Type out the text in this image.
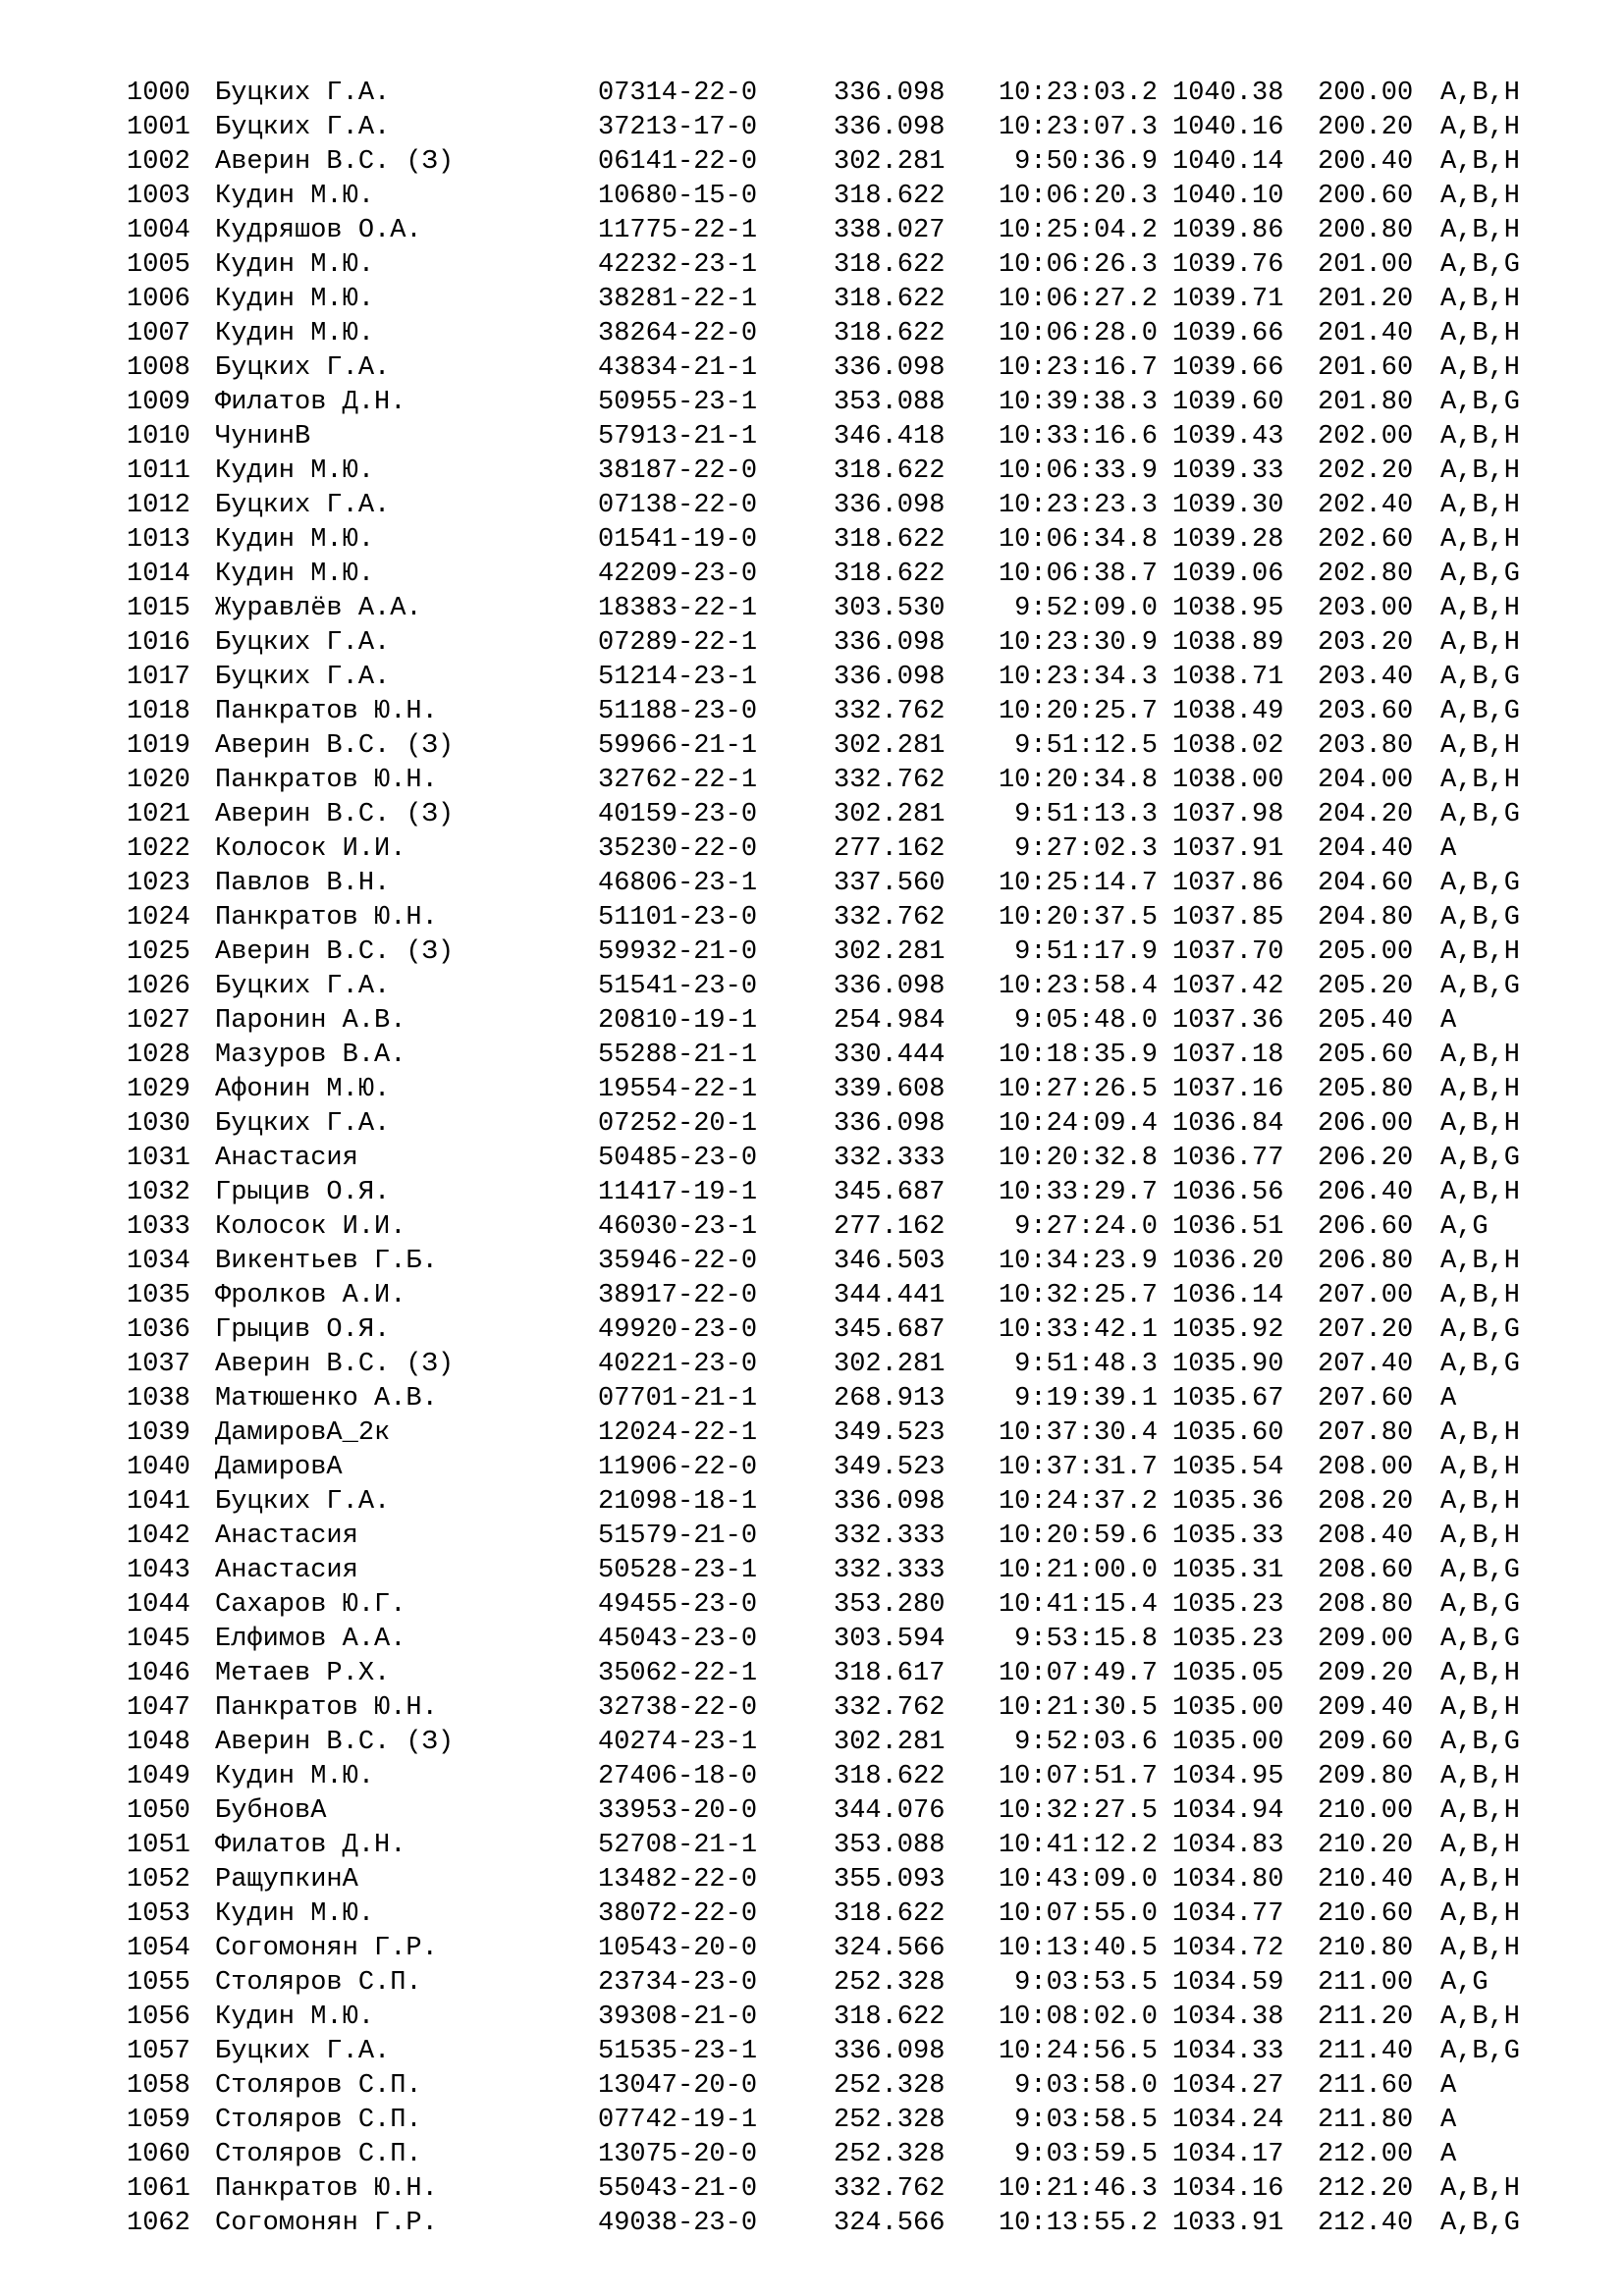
1000 Буцких Г.А.	07314-22-0	336.098	10:23:03.2 1040.38 200.00 A,B,H
1001 Буцких Г.А.	37213-17-0	336.098	10:23:07.3 1040.16 200.20 A,B,H
1002 Аверин В.С. (З)	06141-22-0	302.281	9:50:36.9 1040.14 200.40 A,B,H
1003 Кудин М.Ю.	10680-15-0	318.622	10:06:20.3 1040.10 200.60 A,B,H
1004 Кудряшов О.А.	11775-22-1	338.027	10:25:04.2 1039.86 200.80 A,B,H
1005 Кудин М.Ю.	42232-23-1	318.622	10:06:26.3 1039.76 201.00 A,B,G
1006 Кудин М.Ю.	38281-22-1	318.622	10:06:27.2 1039.71 201.20 A,B,H
1007 Кудин М.Ю.	38264-22-0	318.622	10:06:28.0 1039.66 201.40 A,B,H
1008 Буцких Г.А.	43834-21-1	336.098	10:23:16.7 1039.66 201.60 A,B,H
1009 Филатов Д.Н.	50955-23-1	353.088	10:39:38.3 1039.60 201.80 A,B,G
1010 ЧунинВ	57913-21-1	346.418	10:33:16.6 1039.43 202.00 A,B,H
1011 Кудин М.Ю.	38187-22-0	318.622	10:06:33.9 1039.33 202.20 A,B,H
1012 Буцких Г.А.	07138-22-0	336.098	10:23:23.3 1039.30 202.40 A,B,H
1013 Кудин М.Ю.	01541-19-0	318.622	10:06:34.8 1039.28 202.60 A,B,H
1014 Кудин М.Ю.	42209-23-0	318.622	10:06:38.7 1039.06 202.80 A,B,G
1015 Журавлёв А.А.	18383-22-1	303.530	9:52:09.0 1038.95 203.00 A,B,H
1016 Буцких Г.А.	07289-22-1	336.098	10:23:30.9 1038.89 203.20 A,B,H
1017 Буцких Г.А.	51214-23-1	336.098	10:23:34.3 1038.71 203.40 A,B,G
1018 Панкратов Ю.Н.	51188-23-0	332.762	10:20:25.7 1038.49 203.60 A,B,G
1019 Аверин В.С. (З)	59966-21-1	302.281	9:51:12.5 1038.02 203.80 A,B,H
1020 Панкратов Ю.Н.	32762-22-1	332.762	10:20:34.8 1038.00 204.00 A,B,H
1021 Аверин В.С. (З)	40159-23-0	302.281	9:51:13.3 1037.98 204.20 A,B,G
1022 Колосок И.И.	35230-22-0	277.162	9:27:02.3 1037.91 204.40 A
1023 Павлов В.Н.	46806-23-1	337.560	10:25:14.7 1037.86 204.60 A,B,G
1024 Панкратов Ю.Н.	51101-23-0	332.762	10:20:37.5 1037.85 204.80 A,B,G
1025 Аверин В.С. (З)	59932-21-0	302.281	9:51:17.9 1037.70 205.00 A,B,H
1026 Буцких Г.А.	51541-23-0	336.098	10:23:58.4 1037.42 205.20 A,B,G
1027 Паронин А.В.	20810-19-1	254.984	9:05:48.0 1037.36 205.40 A
1028 Мазуров В.А.	55288-21-1	330.444	10:18:35.9 1037.18 205.60 A,B,H
1029 Афонин М.Ю.	19554-22-1	339.608	10:27:26.5 1037.16 205.80 A,B,H
1030 Буцких Г.А.	07252-20-1	336.098	10:24:09.4 1036.84 206.00 A,B,H
1031 Анастасия	50485-23-0	332.333	10:20:32.8 1036.77 206.20 A,B,G
1032 Грыцив О.Я.	11417-19-1	345.687	10:33:29.7 1036.56 206.40 A,B,H
1033 Колосок И.И.	46030-23-1	277.162	9:27:24.0 1036.51 206.60 A,G
1034 Викентьев Г.Б.	35946-22-0	346.503	10:34:23.9 1036.20 206.80 A,B,H
1035 Фролков А.И.	38917-22-0	344.441	10:32:25.7 1036.14 207.00 A,B,H
1036 Грыцив О.Я.	49920-23-0	345.687	10:33:42.1 1035.92 207.20 A,B,G
1037 Аверин В.С. (З)	40221-23-0	302.281	9:51:48.3 1035.90 207.40 A,B,G
1038 Матюшенко А.В.	07701-21-1	268.913	9:19:39.1 1035.67 207.60 A
1039 ДамировА_2к	12024-22-1	349.523	10:37:30.4 1035.60 207.80 A,B,H
1040 ДамировА	11906-22-0	349.523	10:37:31.7 1035.54 208.00 A,B,H
1041 Буцких Г.А.	21098-18-1	336.098	10:24:37.2 1035.36 208.20 A,B,H
1042 Анастасия	51579-21-0	332.333	10:20:59.6 1035.33 208.40 A,B,H
1043 Анастасия	50528-23-1	332.333	10:21:00.0 1035.31 208.60 A,B,G
1044 Сахаров Ю.Г.	49455-23-0	353.280	10:41:15.4 1035.23 208.80 A,B,G
1045 Елфимов А.А.	45043-23-0	303.594	9:53:15.8 1035.23 209.00 A,B,G
1046 Метаев Р.Х.	35062-22-1	318.617	10:07:49.7 1035.05 209.20 A,B,H
1047 Панкратов Ю.Н.	32738-22-0	332.762	10:21:30.5 1035.00 209.40 A,B,H
1048 Аверин В.С. (З)	40274-23-1	302.281	9:52:03.6 1035.00 209.60 A,B,G
1049 Кудин М.Ю.	27406-18-0	318.622	10:07:51.7 1034.95 209.80 A,B,H
1050 БубновА	33953-20-0	344.076	10:32:27.5 1034.94 210.00 A,B,H
1051 Филатов Д.Н.	52708-21-1	353.088	10:41:12.2 1034.83 210.20 A,B,H
1052 РащупкинА	13482-22-0	355.093	10:43:09.0 1034.80 210.40 A,B,H
1053 Кудин М.Ю.	38072-22-0	318.622	10:07:55.0 1034.77 210.60 A,B,H
1054 Согомонян Г.Р.	10543-20-0	324.566	10:13:40.5 1034.72 210.80 A,B,H
1055 Столяров С.П.	23734-23-0	252.328	9:03:53.5 1034.59 211.00 A,G
1056 Кудин М.Ю.	39308-21-0	318.622	10:08:02.0 1034.38 211.20 A,B,H
1057 Буцких Г.А.	51535-23-1	336.098	10:24:56.5 1034.33 211.40 A,B,G
1058 Столяров С.П.	13047-20-0	252.328	9:03:58.0 1034.27 211.60 A
1059 Столяров С.П.	07742-19-1	252.328	9:03:58.5 1034.24 211.80 A
1060 Столяров С.П.	13075-20-0	252.328	9:03:59.5 1034.17 212.00 A
1061 Панкратов Ю.Н.	55043-21-0	332.762	10:21:46.3 1034.16 212.20 A,B,H
1062 Согомонян Г.Р.	49038-23-0	324.566	10:13:55.2 1033.91 212.40 A,B,G
